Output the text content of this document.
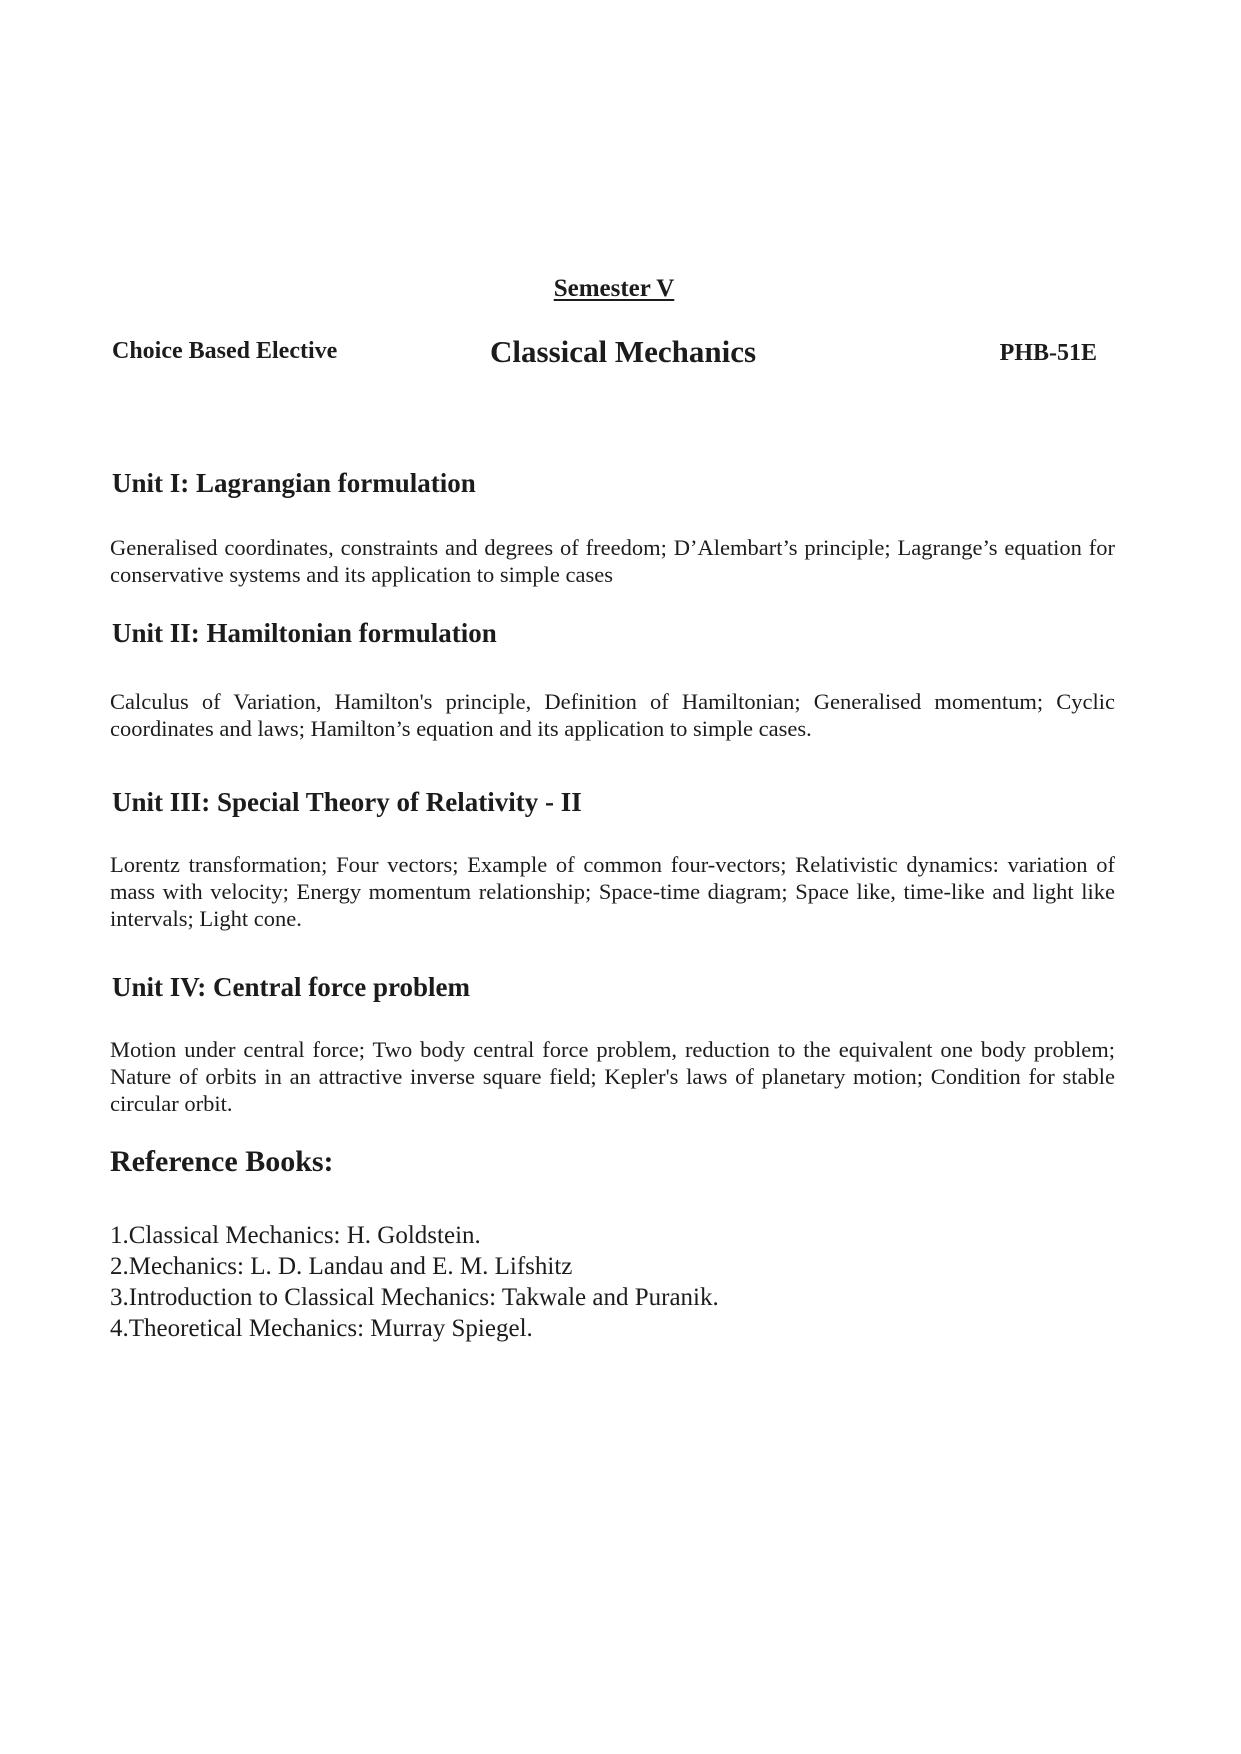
Semester V
Choice Based Elective	Classical Mechanics	PHB-51E
Unit I: Lagrangian formulation

Generalised coordinates, constraints and degrees of freedom; D’Alembart’s principle; Lagrange’s equation for conservative systems and its application to simple cases

Unit II: Hamiltonian formulation

Calculus of Variation, Hamilton's principle, Definition of Hamiltonian; Generalised momentum; Cyclic coordinates and laws; Hamilton’s equation and its application to simple cases.

Unit III: Special Theory of Relativity - II

Lorentz transformation; Four vectors; Example of common four-vectors; Relativistic dynamics: variation of mass with velocity; Energy momentum relationship; Space-time diagram; Space like, time-like and light like intervals; Light cone.

Unit IV: Central force problem

Motion under central force; Two body central force problem, reduction to the equivalent one body problem; Nature of orbits in an attractive inverse square field; Kepler's laws of planetary motion; Condition for stable circular orbit.

Reference Books:
1.Classical Mechanics: H. Goldstein.
2.Mechanics: L. D. Landau and E. M. Lifshitz
3.Introduction to Classical Mechanics: Takwale and Puranik.
4.Theoretical Mechanics: Murray Spiegel.
